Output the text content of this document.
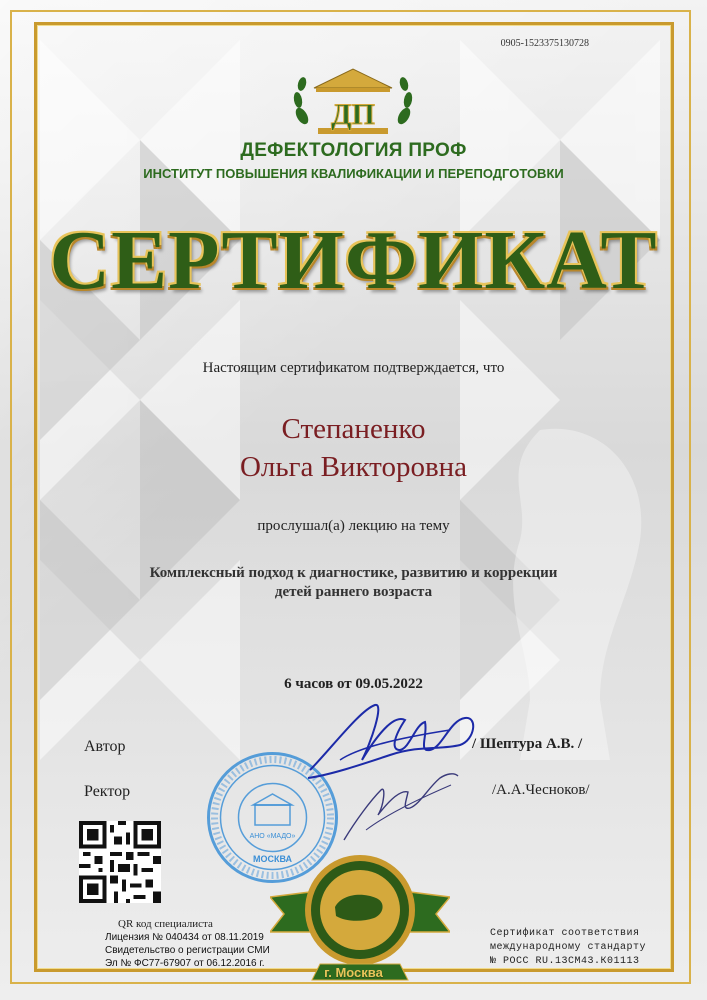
0905-1523375130728
ДП
ДЕФЕКТОЛОГИЯ ПРОФ
ИНСТИТУТ ПОВЫШЕНИЯ КВАЛИФИКАЦИИ И ПЕРЕПОДГОТОВКИ
СЕРТИФИКАТ
Настоящим сертификатом подтверждается, что
Степаненко
Ольга Викторовна
прослушал(а) лекцию на тему
Комплексный подход к диагностике, развитию и коррекции
детей раннего возраста
6 часов от 09.05.2022
АНО «МАДО»
МОСКВА
Автор	/ Шептура А.В. /
Ректор	/А.А.Чесноков/
QR код специалиста
Лицензия № 040434 от 08.11.2019
Свидетельство о регистрации СМИ
Эл № ФС77-67907 от 06.12.2016 г.
г. Москва
Сертификат соответствия
международному стандарту
№ РОСС RU.13СМ43.К01113
